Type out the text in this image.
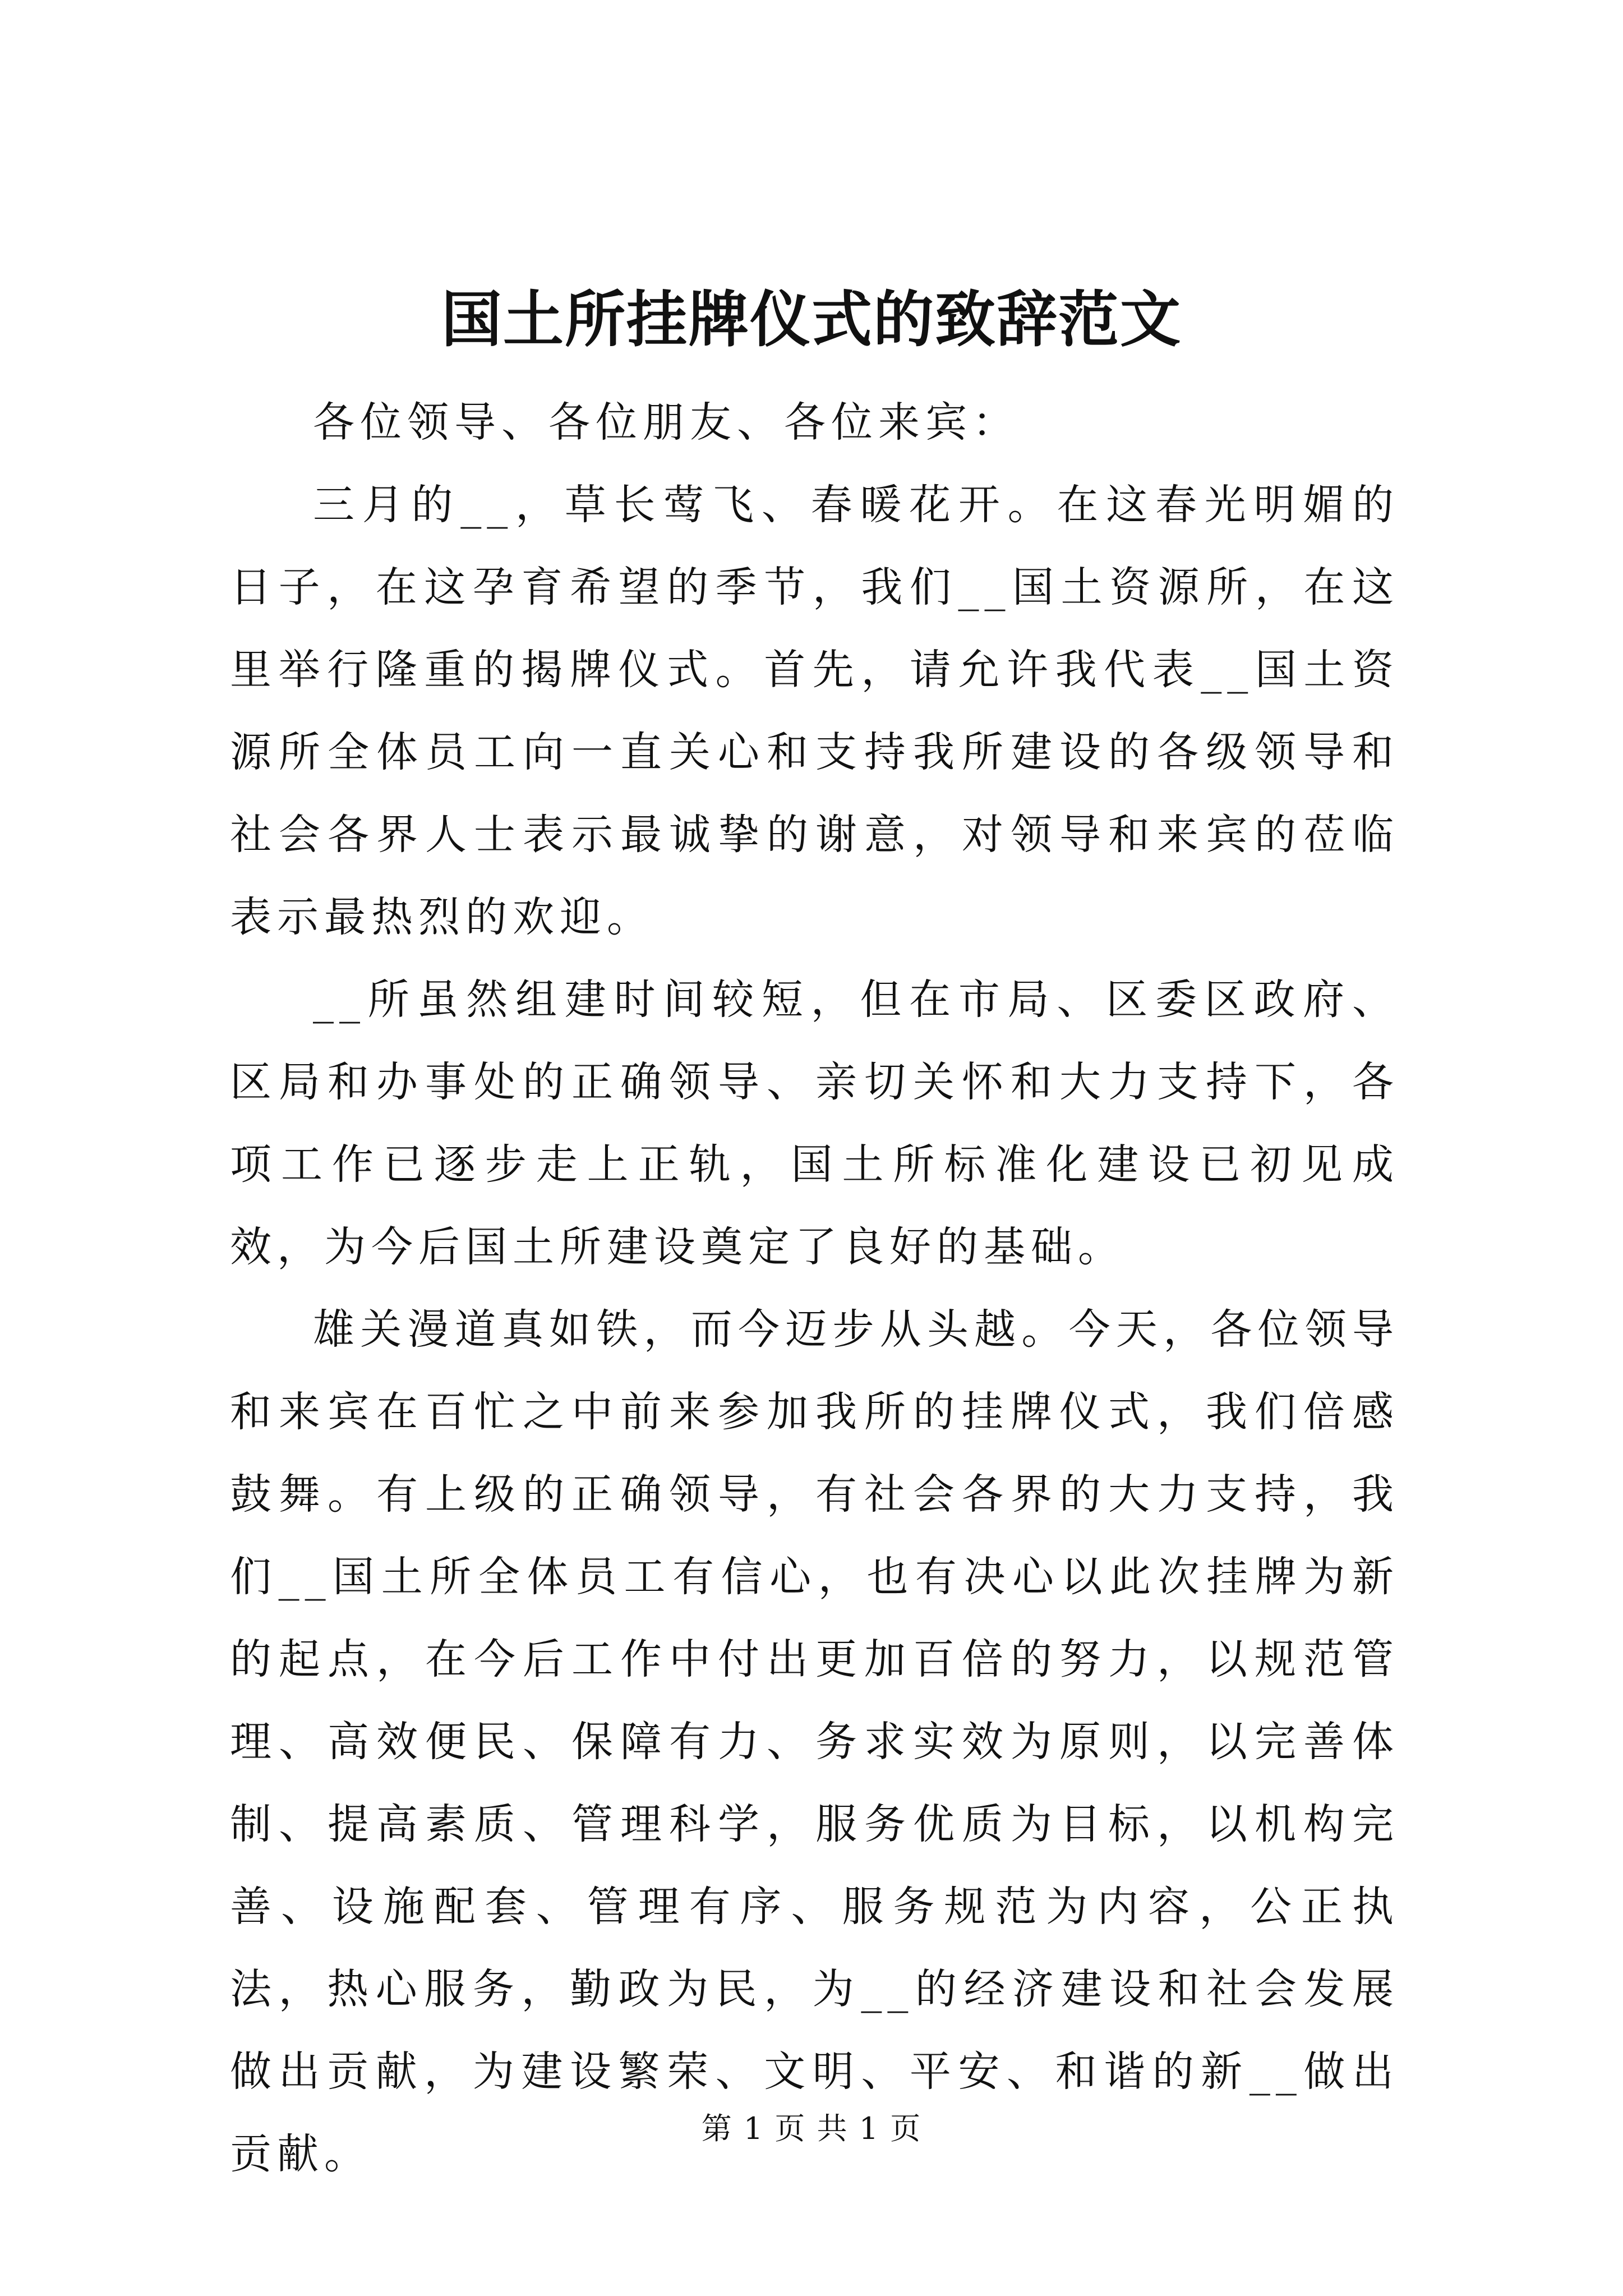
国土所挂牌仪式的致辞范文

各位领导、各位朋友、各位来宾：

三月的__，草长莺飞、春暖花开。在这春光明媚的日子，在这孕育希望的季节，我们__国土资源所，在这里举行隆重的揭牌仪式。首先，请允许我代表__国土资源所全体员工向一直关心和支持我所建设的各级领导和社会各界人士表示最诚挚的谢意，对领导和来宾的莅临表示最热烈的欢迎。

__所虽然组建时间较短，但在市局、区委区政府、区局和办事处的正确领导、亲切关怀和大力支持下，各项工作已逐步走上正轨，国土所标准化建设已初见成效，为今后国土所建设奠定了良好的基础。

雄关漫道真如铁，而今迈步从头越。今天，各位领导和来宾在百忙之中前来参加我所的挂牌仪式，我们倍感鼓舞。有上级的正确领导，有社会各界的大力支持，我们__国土所全体员工有信心，也有决心以此次挂牌为新的起点，在今后工作中付出更加百倍的努力，以规范管理、高效便民、保障有力、务求实效为原则，以完善体制、提高素质、管理科学，服务优质为目标，以机构完善、设施配套、管理有序、服务规范为内容，公正执法，热心服务，勤政为民，为__的经济建设和社会发展做出贡献，为建设繁荣、文明、平安、和谐的新__做出贡献。

第 1 页 共 1 页
